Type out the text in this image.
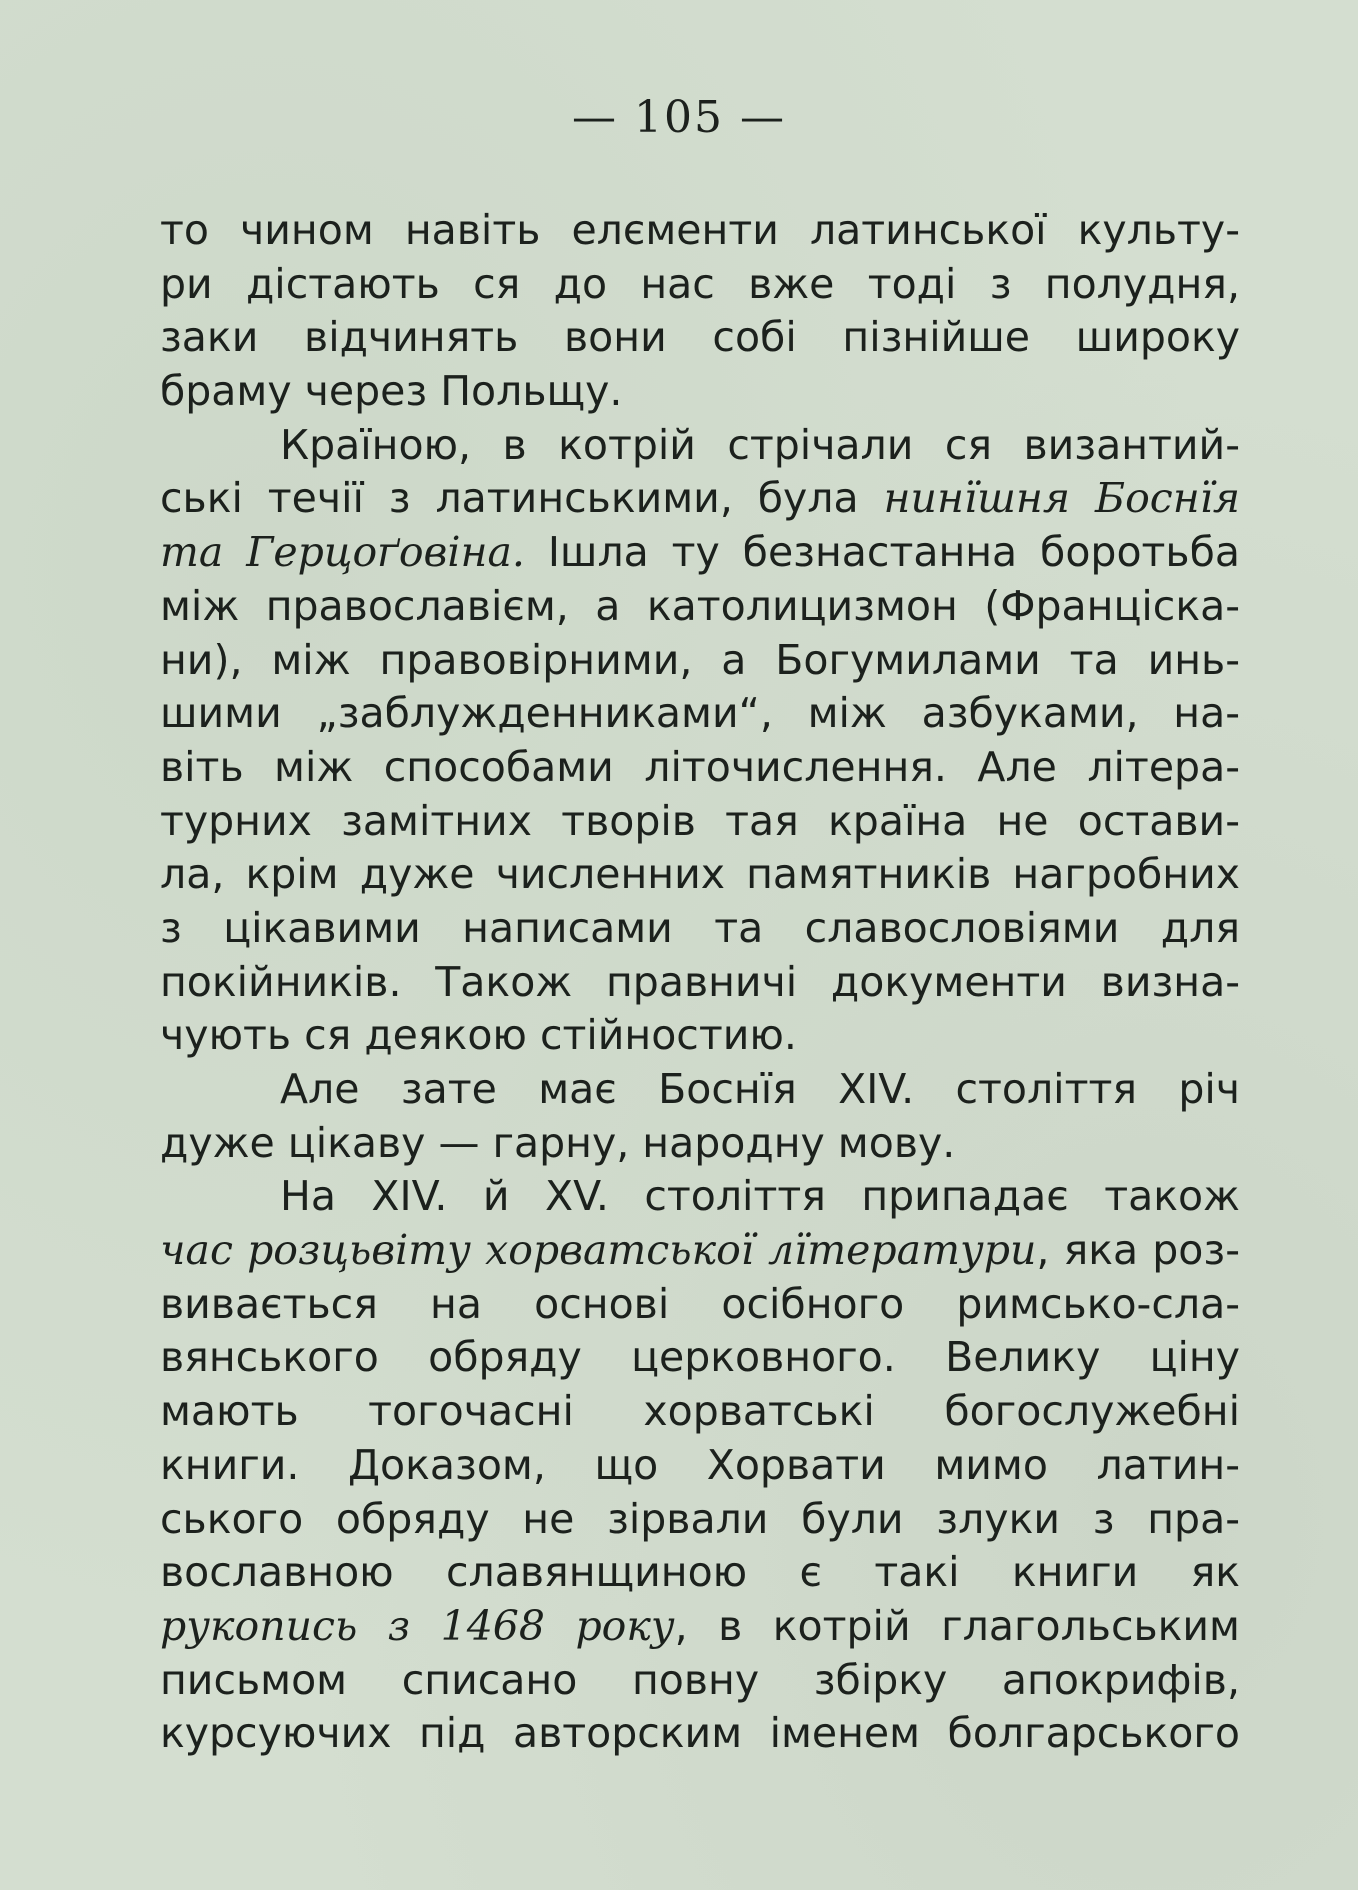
— 105 —
то чином навіть елєменти латинської культу-
ри дістають ся до нас вже тоді з полудня,
заки відчинять вони собі пізнійше широку
браму через Польщу.
Країною, в котрій стрічали ся византий-
ські течії з латинськими, була нинїшня Боснїя
та Герцоґовіна. Ішла ту безнастанна боротьба
між православієм, а католицизмон (Франціска-
ни), між правовірними, а Богумилами та инь-
шими „заблужденниками“, між азбуками, на-
віть між способами літочислення. Але літера-
турних замітних творів тая країна не остави-
ла, крім дуже численних памятників нагробних
з цікавими написами та славословіями для
покійників. Також правничі документи визна-
чують ся деякою стійностию.
Але зате має Боснїя XIV. століття річ
дуже цікаву — гарну, народну мову.
На XIV. й XV. століття припадає також
час розцьвіту хорватської лїтератури, яка роз-
вивається на основі осібного римсько-сла-
вянського обряду церковного. Велику ціну
мають тогочасні хорватські богослужебні
книги. Доказом, що Хорвати мимо латин-
ського обряду не зірвали були злуки з пра-
вославною славянщиною є такі книги як
рукопись з 1468 року, в котрій глагольським
письмом списано повну збірку апокрифів,
курсуючих під авторским іменем болгарського
